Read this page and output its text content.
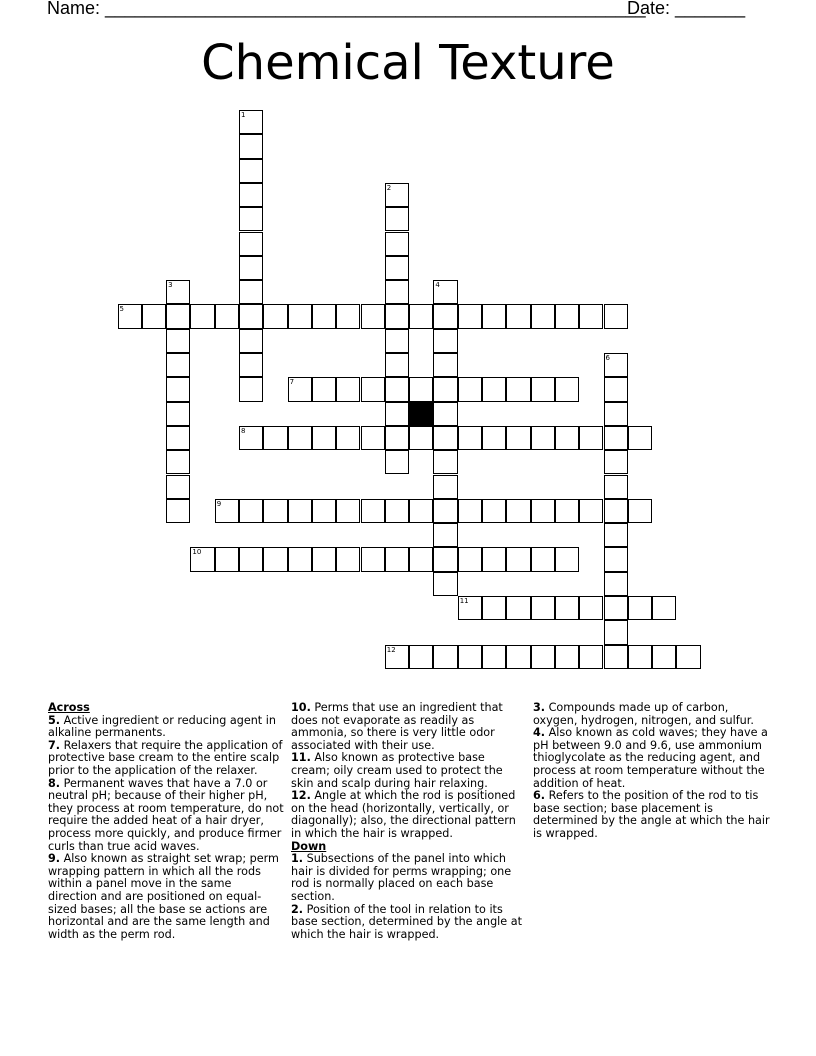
Name: ______________________________________________________
Date: _______
Chemical Texture
1
2
3	4
5
6
7
8
9
10
11
12
Across
5. Active ingredient or reducing agent in alkaline permanents.
7. Relaxers that require the application of protective base cream to the entire scalp prior to the application of the relaxer.
8. Permanent waves that have a 7.0 or neutral pH; because of their higher pH, they process at room temperature, do not require the added heat of a hair dryer, process more quickly, and produce firmer curls than true acid waves.
9. Also known as straight set wrap; perm wrapping pattern in which all the rods within a panel move in the same direction and are positioned on equal-sized bases; all the base se actions are horizontal and are the same length and width as the perm rod.
10. Perms that use an ingredient that does not evaporate as readily as ammonia, so there is very little odor associated with their use.
11. Also known as protective base cream; oily cream used to protect the skin and scalp during hair relaxing.
12. Angle at which the rod is positioned on the head (horizontally, vertically, or diagonally); also, the directional pattern in which the hair is wrapped.
Down
1. Subsections of the panel into which hair is divided for perms wrapping; one rod is normally placed on each base section.
2. Position of the tool in relation to its base section, determined by the angle at which the hair is wrapped.
3. Compounds made up of carbon, oxygen, hydrogen, nitrogen, and sulfur.
4. Also known as cold waves; they have a pH between 9.0 and 9.6, use ammonium thioglycolate as the reducing agent, and process at room temperature without the addition of heat.
6. Refers to the position of the rod to tis base section; base placement is determined by the angle at which the hair is wrapped.
